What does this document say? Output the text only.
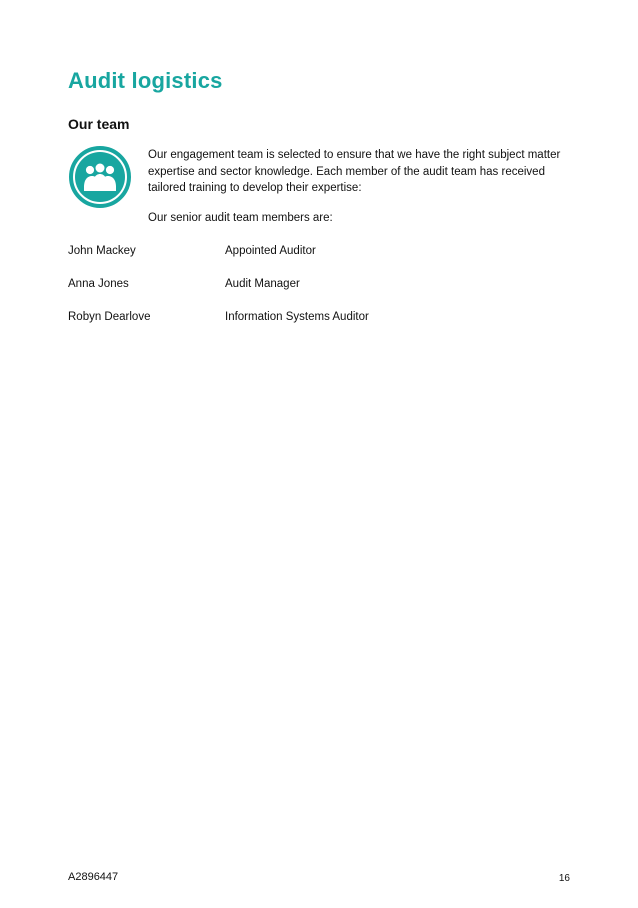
Audit logistics
Our team

Our engagement team is selected to ensure that we have the right subject matter expertise and sector knowledge. Each member of the audit team has received tailored training to develop their expertise:

Our senior audit team members are:

John Mackey	Appointed Auditor
Anna Jones	Audit Manager
Robyn Dearlove	Information Systems Auditor
A2896447	16
